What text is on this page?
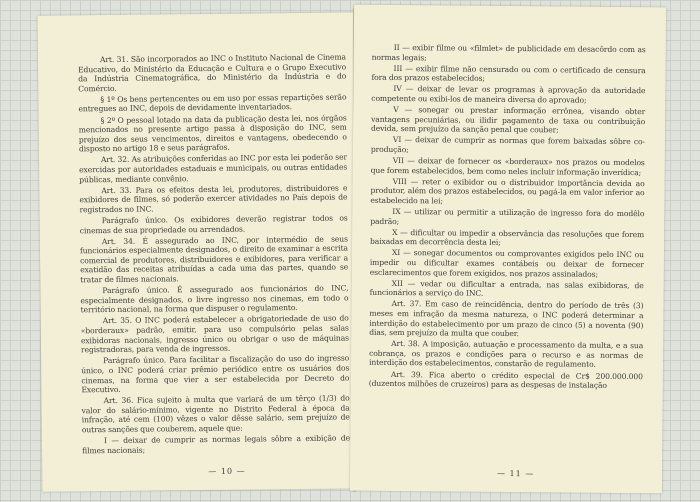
Art. 31. São incorporados ao INC o Instituto Nacional de Cinema Educativo, do Ministério da Educação e Cultura e o Grupo Executivo da Indústria Cinematográfica, do Ministério da Indústria e do Comércio.

§ 1º Os bens pertencentes ou em uso por essas repartições serão entregues ao INC, depois de devidamente inventariados.

§ 2º O pessoal lotado na data da publicação desta lei, nos órgãos mencionados no presente artigo passa à disposição do INC, sem prejuízo dos seus vencimentos, direitos e vantagens, obedecendo o disposto no artigo 18 e seus parágrafos.

Art. 32. As atribuições conferidas ao INC por esta lei poderão ser exercidas por autoridades estaduais e municipais, ou outras entidades públicas, mediante convênio.

Art. 33. Para os efeitos desta lei, produtores, distribuidores e exibidores de filmes, só poderão exercer atividades no País depois de registrados no INC.

Parágrafo único. Os exibidores deverão registrar todos os cinemas de sua propriedade ou arrendados.

Art. 34. É assegurado ao INC, por intermédio de seus funcionários especialmente designados, o direito de examinar a escrita comercial de produtores, distribuidores e exibidores, para verificar a exatidão das receitas atribuídas a cada uma das partes, quando se tratar de filmes nacionais.

Parágrafo único. É assegurado aos funcionários do INC, especialmente designados, o livre ingresso nos cinemas, em todo o território nacional, na forma que dispuser o regulamento.

Art. 35. O INC poderá estabelecer a obrigatoriedade de uso do «borderaux» padrão, emitir, para uso compulsório pelas salas exibidoras nacionais, ingresso único ou obrigar o uso de máquinas registradoras, para venda de ingressos.

Parágrafo único. Para facilitar a fiscalização do uso do ingresso único, o INC poderá criar prêmio periódico entre os usuários dos cinemas, na forma que vier a ser estabelecida por Decreto do Executivo.

Art. 36. Fica sujeito à multa que variará de um têrço (1/3) do valor do salário-mínimo, vigente no Distrito Federal à época da infração, até cem (100) vêzes o valor dêsse salário, sem prejuízo de outras sanções que couberem, aquele que:

I — deixar de cumprir as normas legais sôbre a exibição de filmes nacionais;

— 10 —

II — exibir filme ou «filmlet» de publicidade em desacôrdo com as normas legais;

III — exibir filme não censurado ou com o certificado de censura fora dos prazos estabelecidos;

IV — deixar de levar os programas à aprovação da autoridade competente ou exibi-los de maneira diversa do aprovado;

V — sonegar ou prestar informação errônea, visando obter vantagens pecuniárias, ou ilidir pagamento de taxa ou contribuição devida, sem prejuízo da sanção penal que couber;

VI — deixar de cumprir as normas que forem baixadas sôbre co-produção;

VII — deixar de fornecer os «borderaux» nos prazos ou modelos que forem estabelecidos, bem como neles incluir informação inverídica;

VIII — reter o exibidor ou o distribuidor importância devida ao produtor, além dos prazos estabelecidos, ou pagá-la em valor inferior ao estabelecido na lei;

IX — utilizar ou permitir a utilização de ingresso fora do modêlo padrão;

X — dificultar ou impedir a observância das resoluções que forem baixadas em decorrência desta lei;

XI — sonegar documentos ou comprovantes exigidos pelo INC ou impedir ou dificultar exames contábeis ou deixar de fornecer esclarecimentos que forem exigidos, nos prazos assinalados;

XII — vedar ou dificultar a entrada, nas salas exibidoras, de funcionários a serviço do INC.

Art. 37. Em caso de reincidência, dentro do período de três (3) meses em infração da mesma natureza, o INC poderá determinar a interdição do estabelecimento por um prazo de cinco (5) a noventa (90) dias, sem prejuízo da multa que couber.

Art. 38. A imposição, autuação e processamento da multa, e a sua cobrança, os prazos e condições para o recurso e as normas de interdição dos estabelecimentos, constarão de regulamento.

Art. 39. Fica aberto o crédito especial de Cr$ 200.000.000 (duzentos milhões de cruzeiros) para as despesas de instalação

— 11 —
